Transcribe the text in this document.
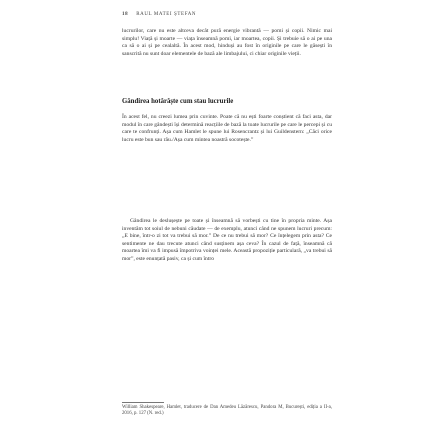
18 RAUL MATEI ȘTEFAN
lucrurilor, care nu este altceva decât pură energie vibrantă — pomi și copii. Nimic mai simplu! Viață și moarte — viața înseamnă pomi, iar moartea, copii. Și trebuie să o ai pe una ca să o ai și pe cealaltă. În acest mod, hinduși au fost în originile pe care le găsești în sanscrită nu sunt doar elementele de bază ale limbajului, ci chiar originile vieții.
Gândirea hotărăște cum stau lucrurile
În acest fel, nu creezi lumea prin cuvinte. Poate că nu ești foarte conștient că faci asta, dar modul în care gândești își determină reacțiile de bază la toate lucrurile pe care le percepi și cu care te confrunți. Așa cum Hamlet le spune lui Rosencrantz și lui Guildenstern: „Căci orice lucru este bun sau rău./Așa cum mintea noastră socotește.”
Gândirea le deslușește pe toate și înseamnă să vorbești cu tine în propria minte. Așa inventăm tot soiul de nebuni căudate — de exemplu, atunci când ne spunem lucruri precum: „E bine, într-o zi tot va trebui să mor.” De ce nu trebui să mor? Ce înțelegem prin asta? Ce sentimente ne dau trecute atunci când susținem așa ceva? În cazul de față, înseamnă că moartea îmi va fi impusă împotriva voinței mele. Această propoziție particulară, „va trebui să mor”, este enunțată pasiv, ca și cum întro
William Shakespeare, Hamlet, traducere de Dan Amedeu Lăzărescu, Pandora M, București, ediția a II-a, 2016, p. 127 (N. red.)
